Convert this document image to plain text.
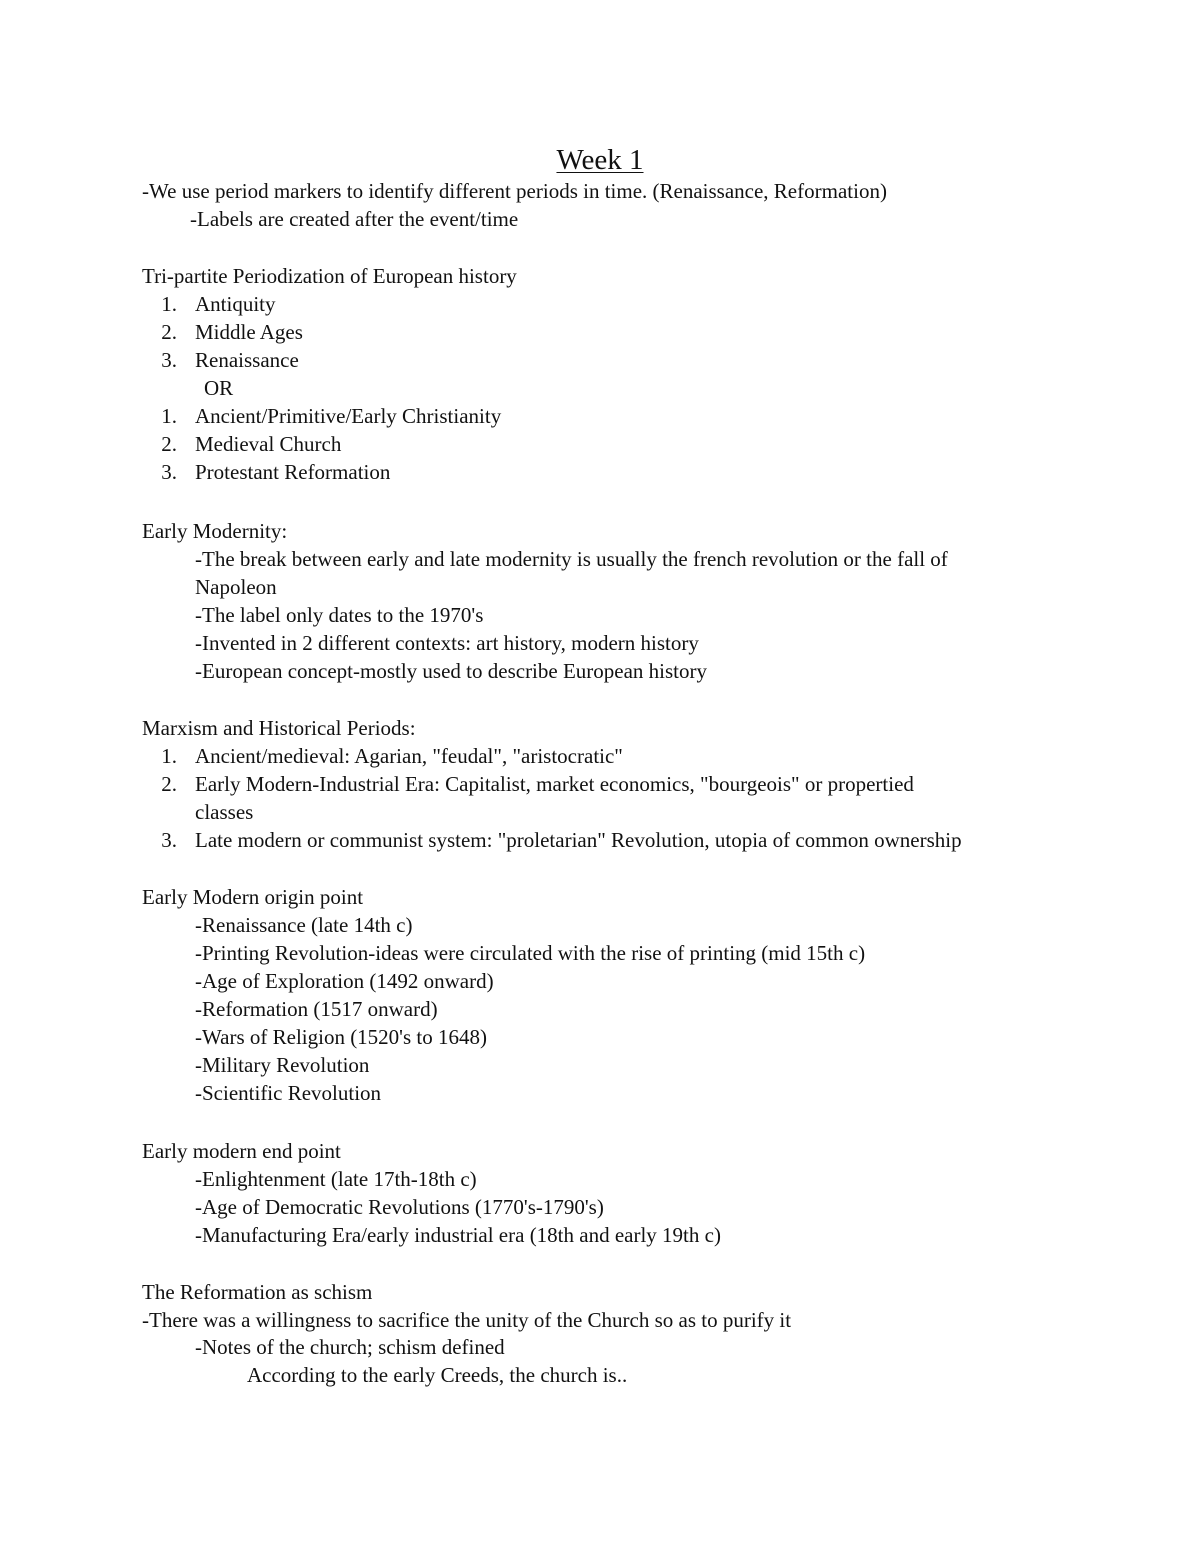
Week 1
-We use period markers to identify different periods in time. (Renaissance, Reformation)
-Labels are created after the event/time
Tri-partite Periodization of European history
1. Antiquity
2. Middle Ages
3. Renaissance
OR
1. Ancient/Primitive/Early Christianity
2. Medieval Church
3. Protestant Reformation
Early Modernity:
-The break between early and late modernity is usually the french revolution or the fall of
Napoleon
-The label only dates to the 1970's
-Invented in 2 different contexts: art history, modern history
-European concept-mostly used to describe European history
Marxism and Historical Periods:
1. Ancient/medieval: Agarian, "feudal", "aristocratic"
2. Early Modern-Industrial Era: Capitalist, market economics, "bourgeois" or propertied
classes
3. Late modern or communist system: "proletarian" Revolution, utopia of common ownership
Early Modern origin point
-Renaissance (late 14th c)
-Printing Revolution-ideas were circulated with the rise of printing (mid 15th c)
-Age of Exploration (1492 onward)
-Reformation (1517 onward)
-Wars of Religion (1520's to 1648)
-Military Revolution
-Scientific Revolution
Early modern end point
-Enlightenment (late 17th-18th c)
-Age of Democratic Revolutions (1770's-1790's)
-Manufacturing Era/early industrial era (18th and early 19th c)
The Reformation as schism
-There was a willingness to sacrifice the unity of the Church so as to purify it
-Notes of the church; schism defined
According to the early Creeds, the church is..
